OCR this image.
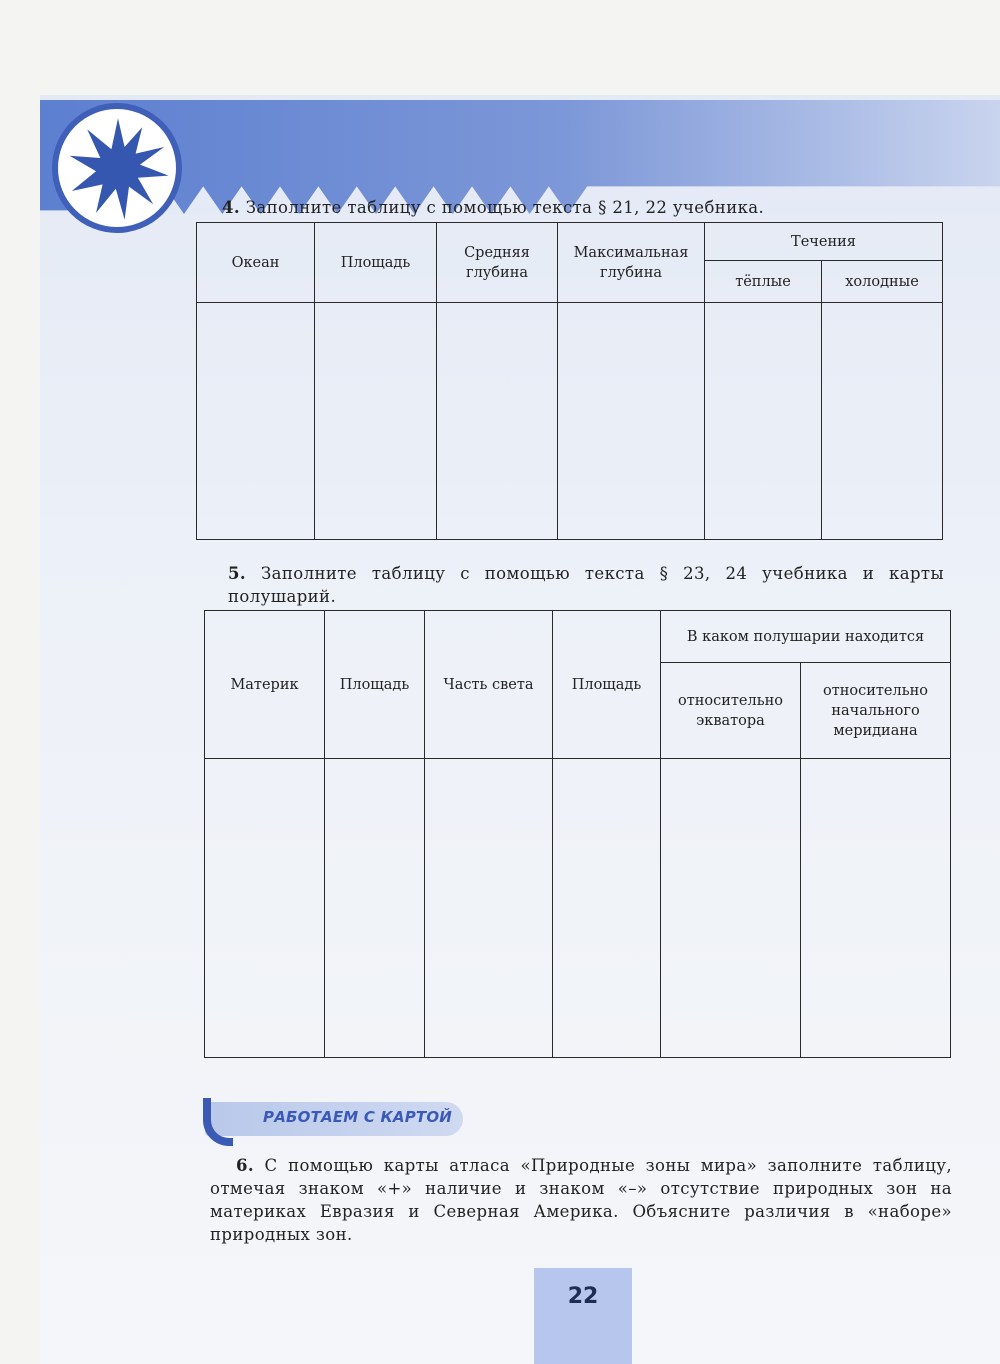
4. Заполните таблицу с помощью текста § 21, 22 учебника.
Океан	Площадь	Средняя глубина	Максимальная глубина	Течения	
				тёплые	холодные

5. Заполните таблицу с помощью текста § 23, 24 учебника и карты полушарий.
Материк	Площадь	Часть света	Площадь	В каком полушарии находится	
				относительно экватора	относительно начального меридиана

РАБОТАЕМ С КАРТОЙ
6. С помощью карты атласа «Природные зоны мира» заполните таблицу, отмечая знаком «+» наличие и знаком «–» отсутствие природных зон на материках Евразия и Северная Америка. Объясните различия в «наборе» природных зон.
22
